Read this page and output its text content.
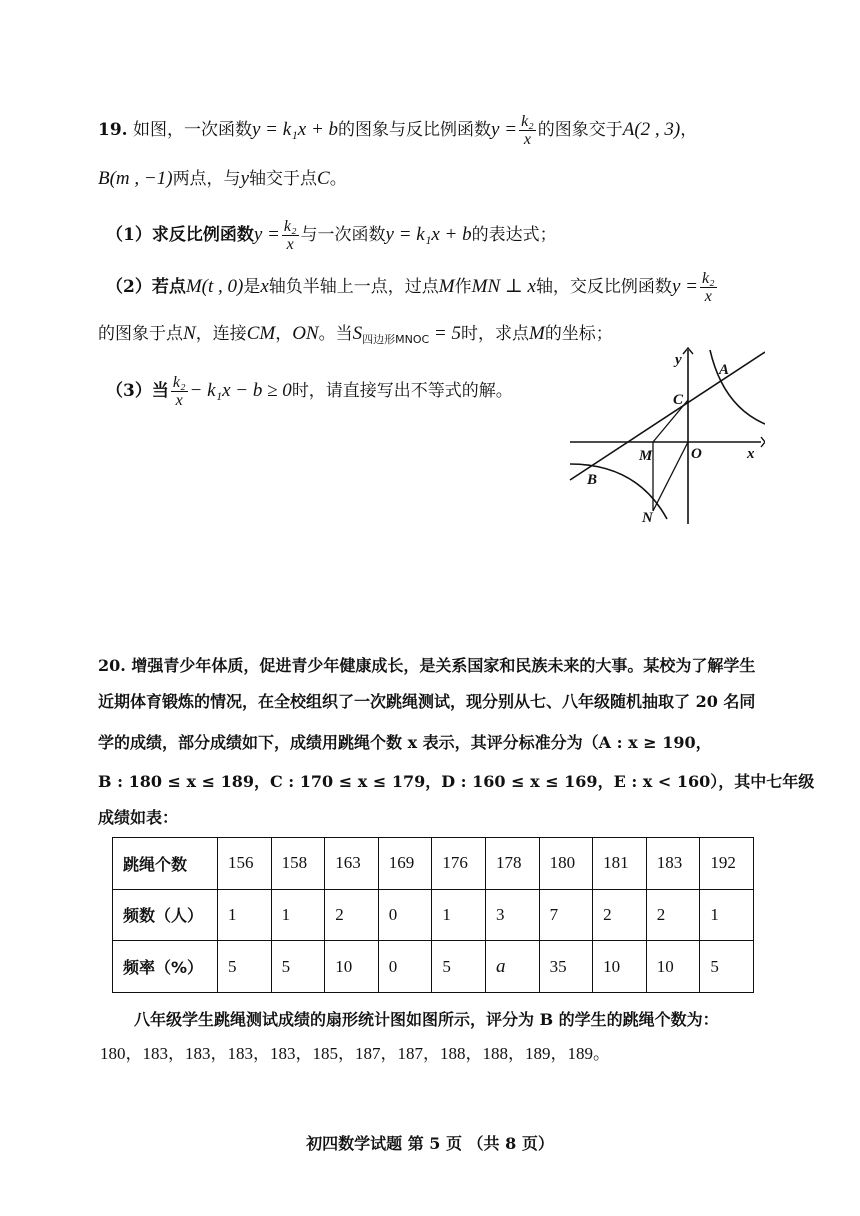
19. 如图，一次函数y = k₁x + b的图象与反比例函数$y = \frac{\text{k₂}}{x}$ 的图象交于A(2 , 3)，
B(m , −1)两点，与y轴交于点C。
（1）求反比例函数$y = \frac{\text{k₂}}{x}$ 与一次函数y = k₁x + b的表达式；
（2）若点M(t , 0)是x轴负半轴上一点，过点M作MN ⊥ x轴，交反比例函数$y = \frac{\text{k₂}}{x}$
的图象于点N，连接CM，ON。当$S_{四边形MNOC} = 5$时，求点M的坐标；
（3）当 $\frac{\text{k₂}}{x} - k_1x - b \ge 0$时，请直接写出不等式的解。
y
x
A
B
C
M	O
N
20. 增强青少年体质，促进青少年健康成长，是关系国家和民族未来的大事。某校为了解学生
近期体育锻炼的情况，在全校组织了一次跳绳测试，现分别从七、八年级随机抽取了 20 名同
学的成绩，部分成绩如下，成绩用跳绳个数 x 表示，其评分标准分为（A : x ≥ 190，
B : 180 ≤ x ≤ 189，C : 170 ≤ x ≤ 179，D : 160 ≤ x ≤ 169，E : x < 160），其中七年级
成绩如表：
跳绳个数	156	158	163	169	176	178	180	181	183	192
频数（人）	1	1	2	0	1	3	7	2	2	1
频率（%）	5	5	10	0	5	a	35	10	10	5
八年级学生跳绳测试成绩的扇形统计图如图所示，评分为 B 的学生的跳绳个数为：
180，183，183，183，183，185，187，187，188，188，189，189。
初四数学试题 第 5 页 （共 8 页）
